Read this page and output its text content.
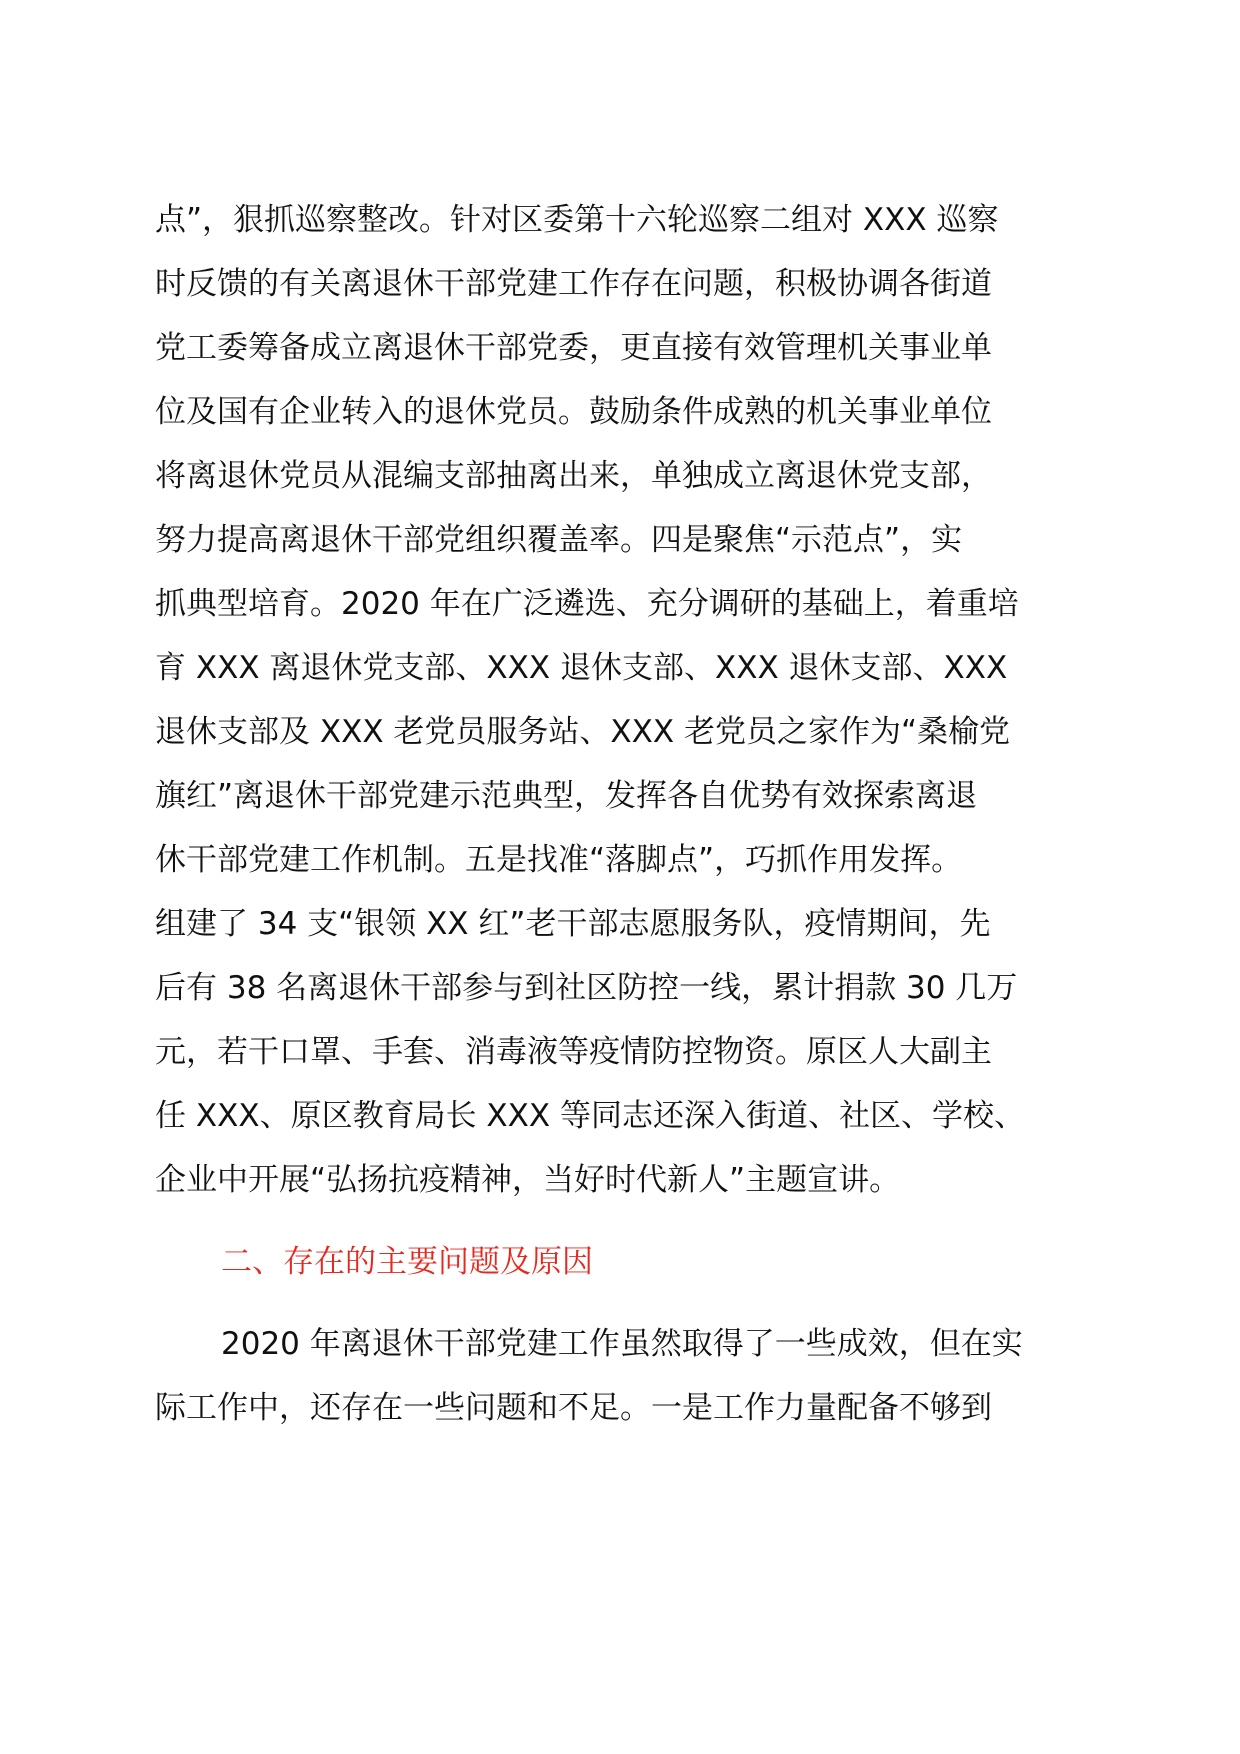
点”，狠抓巡察整改。针对区委第十六轮巡察二组对 XXX 巡察
时反馈的有关离退休干部党建工作存在问题，积极协调各街道
党工委筹备成立离退休干部党委，更直接有效管理机关事业单
位及国有企业转入的退休党员。鼓励条件成熟的机关事业单位
将离退休党员从混编支部抽离出来，单独成立离退休党支部，
努力提高离退休干部党组织覆盖率。四是聚焦“示范点”，实
抓典型培育。2020 年在广泛遴选、充分调研的基础上，着重培
育 XXX 离退休党支部、XXX 退休支部、XXX 退休支部、XXX
退休支部及 XXX 老党员服务站、XXX 老党员之家作为“桑榆党
旗红”离退休干部党建示范典型，发挥各自优势有效探索离退
休干部党建工作机制。五是找准“落脚点”，巧抓作用发挥。
组建了 34 支“银领 XX 红”老干部志愿服务队，疫情期间，先
后有 38 名离退休干部参与到社区防控一线，累计捐款 30 几万
元，若干口罩、手套、消毒液等疫情防控物资。原区人大副主
任 XXX、原区教育局长 XXX 等同志还深入街道、社区、学校、
企业中开展“弘扬抗疫精神，当好时代新人”主题宣讲。
二、存在的主要问题及原因
2020 年离退休干部党建工作虽然取得了一些成效，但在实
际工作中，还存在一些问题和不足。一是工作力量配备不够到
